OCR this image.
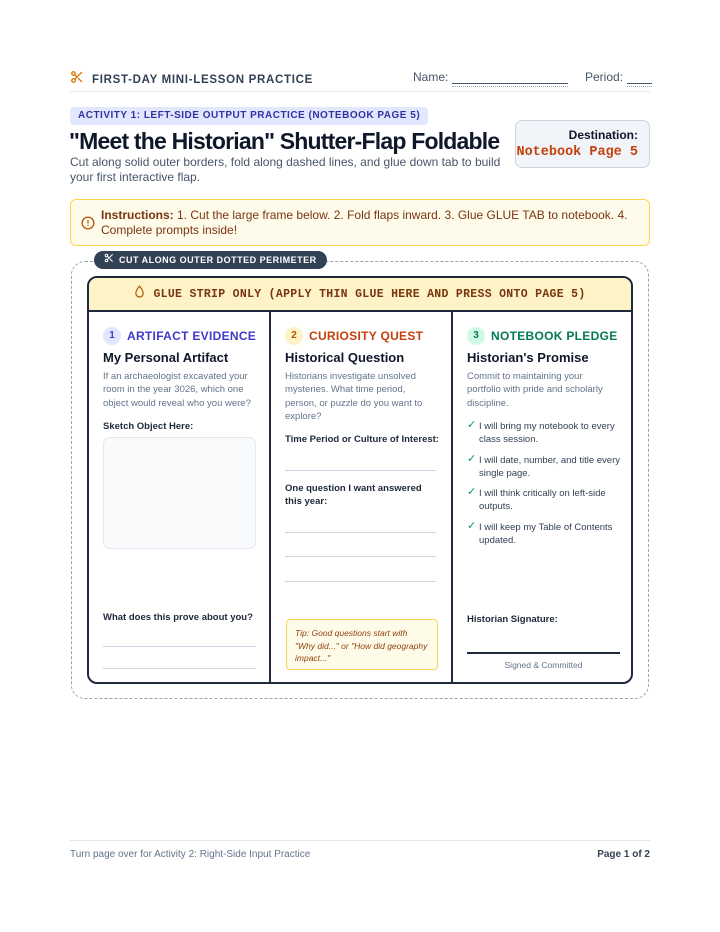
FIRST-DAY MINI-LESSON PRACTICE	Name:	Period:
ACTIVITY 1: LEFT-SIDE OUTPUT PRACTICE (NOTEBOOK PAGE 5)
"Meet the Historian" Shutter-Flap Foldable
Cut along solid outer borders, fold along dashed lines, and glue down tab to build your first interactive flap.
Destination:
Notebook Page 5
Instructions: 1. Cut the large frame below. 2. Fold flaps inward. 3. Glue GLUE TAB to notebook. 4. Complete prompts inside!
CUT ALONG OUTER DOTTED PERIMETER
GLUE STRIP ONLY (APPLY THIN GLUE HERE AND PRESS ONTO PAGE 5)
1	ARTIFACT EVIDENCE
My Personal Artifact
If an archaeologist excavated your room in the year 3026, which one object would reveal who you were?
Sketch Object Here:
What does this prove about you?
2	CURIOSITY QUEST
Historical Question
Historians investigate unsolved mysteries. What time period, person, or puzzle do you want to explore?
Time Period or Culture of Interest:
One question I want answered this year:
Tip: Good questions start with "Why did..." or "How did geography impact..."
3	NOTEBOOK PLEDGE
Historian's Promise
Commit to maintaining your portfolio with pride and scholarly discipline.
✓ I will bring my notebook to every class session.
✓ I will date, number, and title every single page.
✓ I will think critically on left-side outputs.
✓ I will keep my Table of Contents updated.
Historian Signature:
Signed & Committed
Turn page over for Activity 2: Right-Side Input Practice	Page 1 of 2
